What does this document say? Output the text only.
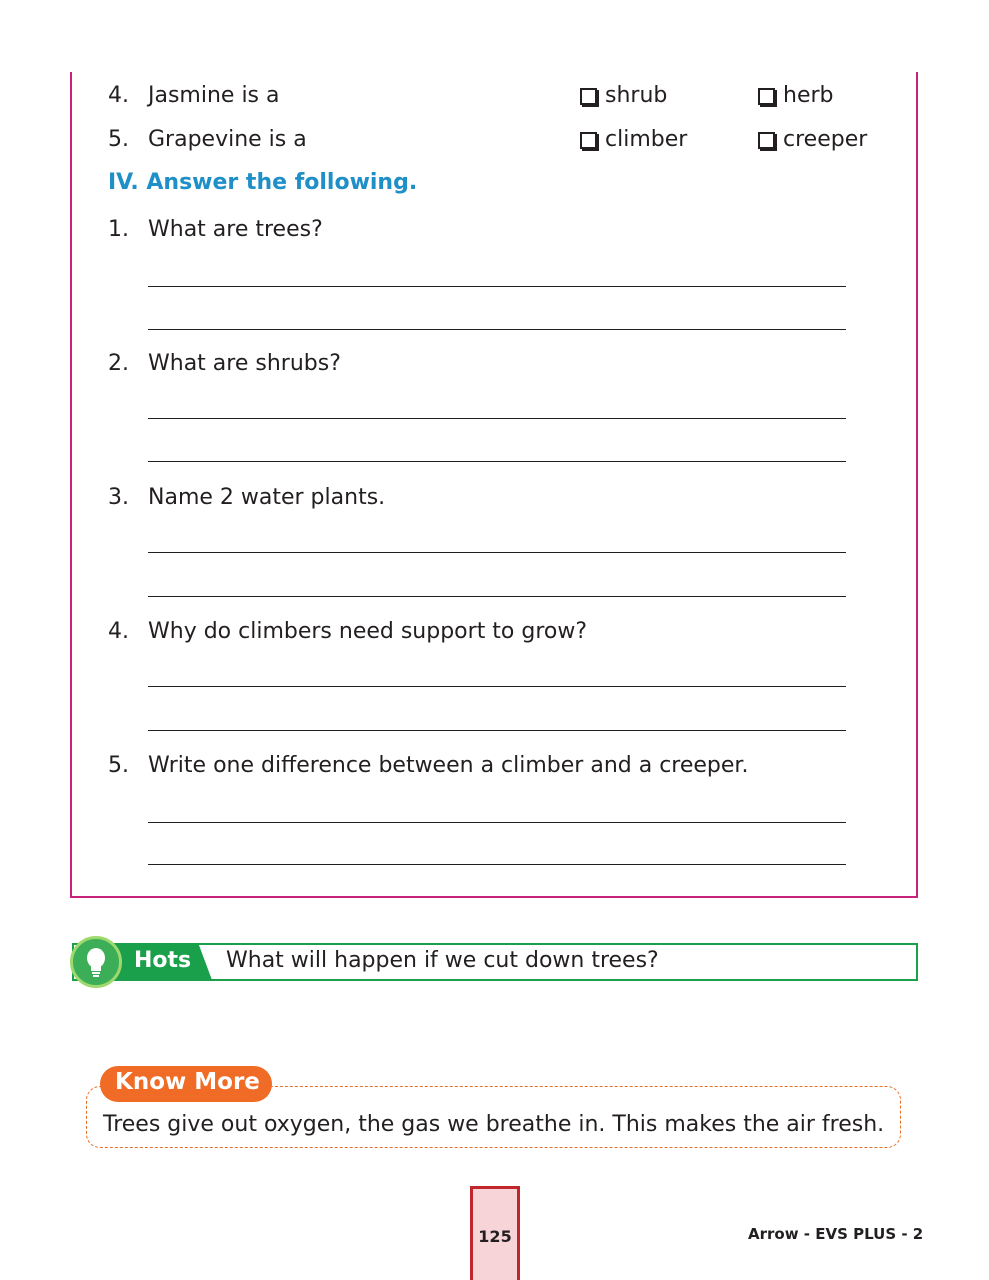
4. Jasmine is a	shrub	herb
5. Grapevine is a	climber	creeper
IV. Answer the following.
1. What are trees?
2. What are shrubs?
3. Name 2 water plants.
4. Why do climbers need support to grow?
5. Write one difference between a climber and a creeper.
Hots What will happen if we cut down trees?
Know More
Trees give out oxygen, the gas we breathe in. This makes the air fresh.
125	Arrow - EVS PLUS - 2
